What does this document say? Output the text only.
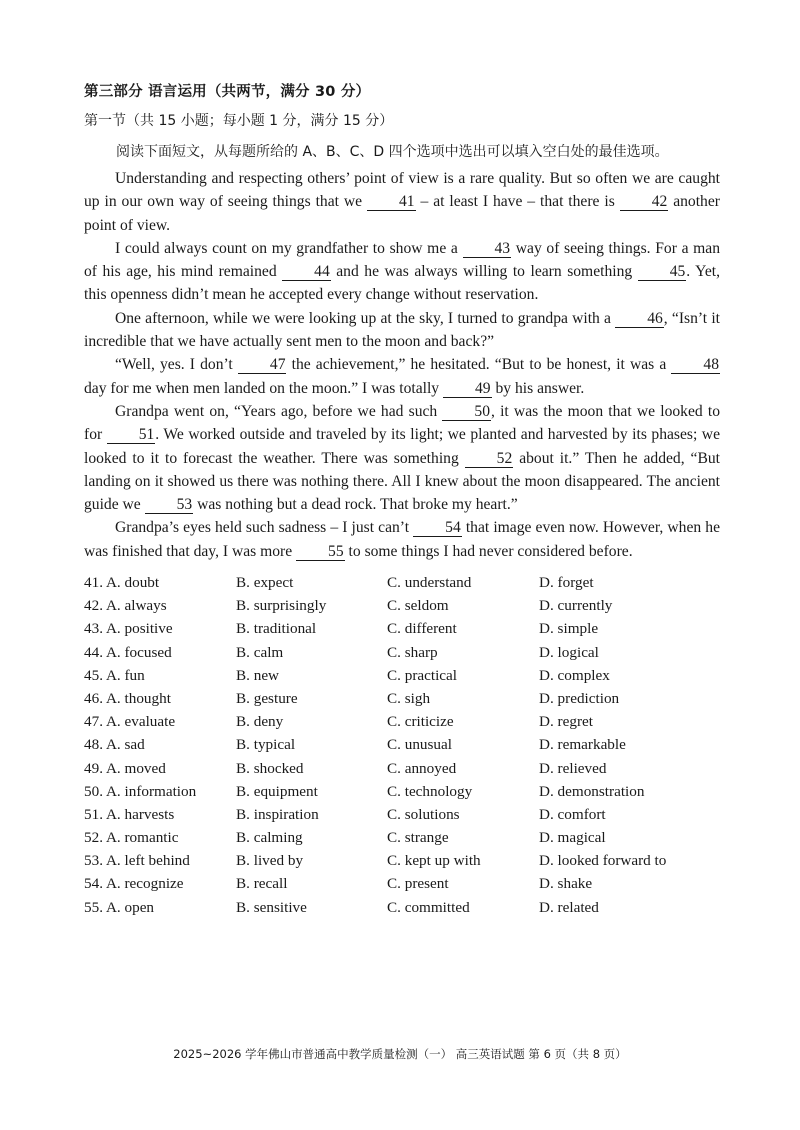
第三部分 语言运用（共两节，满分 30 分）
第一节（共 15 小题；每小题 1 分，满分 15 分）
阅读下面短文，从每题所给的 A、B、C、D 四个选项中选出可以填入空白处的最佳选项。

Understanding and respecting others’ point of view is a rare quality. But so often we are caught up in our own way of seeing things that we 41 – at least I have – that there is 42 another point of view.

I could always count on my grandfather to show me a 43 way of seeing things. For a man of his age, his mind remained 44 and he was always willing to learn something 45. Yet, this openness didn’t mean he accepted every change without reservation.

One afternoon, while we were looking up at the sky, I turned to grandpa with a 46, “Isn’t it incredible that we have actually sent men to the moon and back?”

“Well, yes. I don’t 47 the achievement,” he hesitated. “But to be honest, it was a 48 day for me when men landed on the moon.” I was totally 49 by his answer.

Grandpa went on, “Years ago, before we had such 50, it was the moon that we looked to for 51. We worked outside and traveled by its light; we planted and harvested by its phases; we looked to it to forecast the weather. There was something 52 about it.” Then he added, “But landing on it showed us there was nothing there. All I knew about the moon disappeared. The ancient guide we 53 was nothing but a dead rock. That broke my heart.”

Grandpa’s eyes held such sadness – I just can’t 54 that image even now. However, when he was finished that day, I was more 55 to some things I had never considered before.

41. A. doubt	B. expect	C. understand	D. forget
42. A. always	B. surprisingly	C. seldom	D. currently
43. A. positive	B. traditional	C. different	D. simple
44. A. focused	B. calm	C. sharp	D. logical
45. A. fun	B. new	C. practical	D. complex
46. A. thought	B. gesture	C. sigh	D. prediction
47. A. evaluate	B. deny	C. criticize	D. regret
48. A. sad	B. typical	C. unusual	D. remarkable
49. A. moved	B. shocked	C. annoyed	D. relieved
50. A. information	B. equipment	C. technology	D. demonstration
51. A. harvests	B. inspiration	C. solutions	D. comfort
52. A. romantic	B. calming	C. strange	D. magical
53. A. left behind	B. lived by	C. kept up with	D. looked forward to
54. A. recognize	B. recall	C. present	D. shake
55. A. open	B. sensitive	C. committed	D. related
2025~2026 学年佛山市普通高中教学质量检测（一） 高三英语试题 第 6 页（共 8 页）
